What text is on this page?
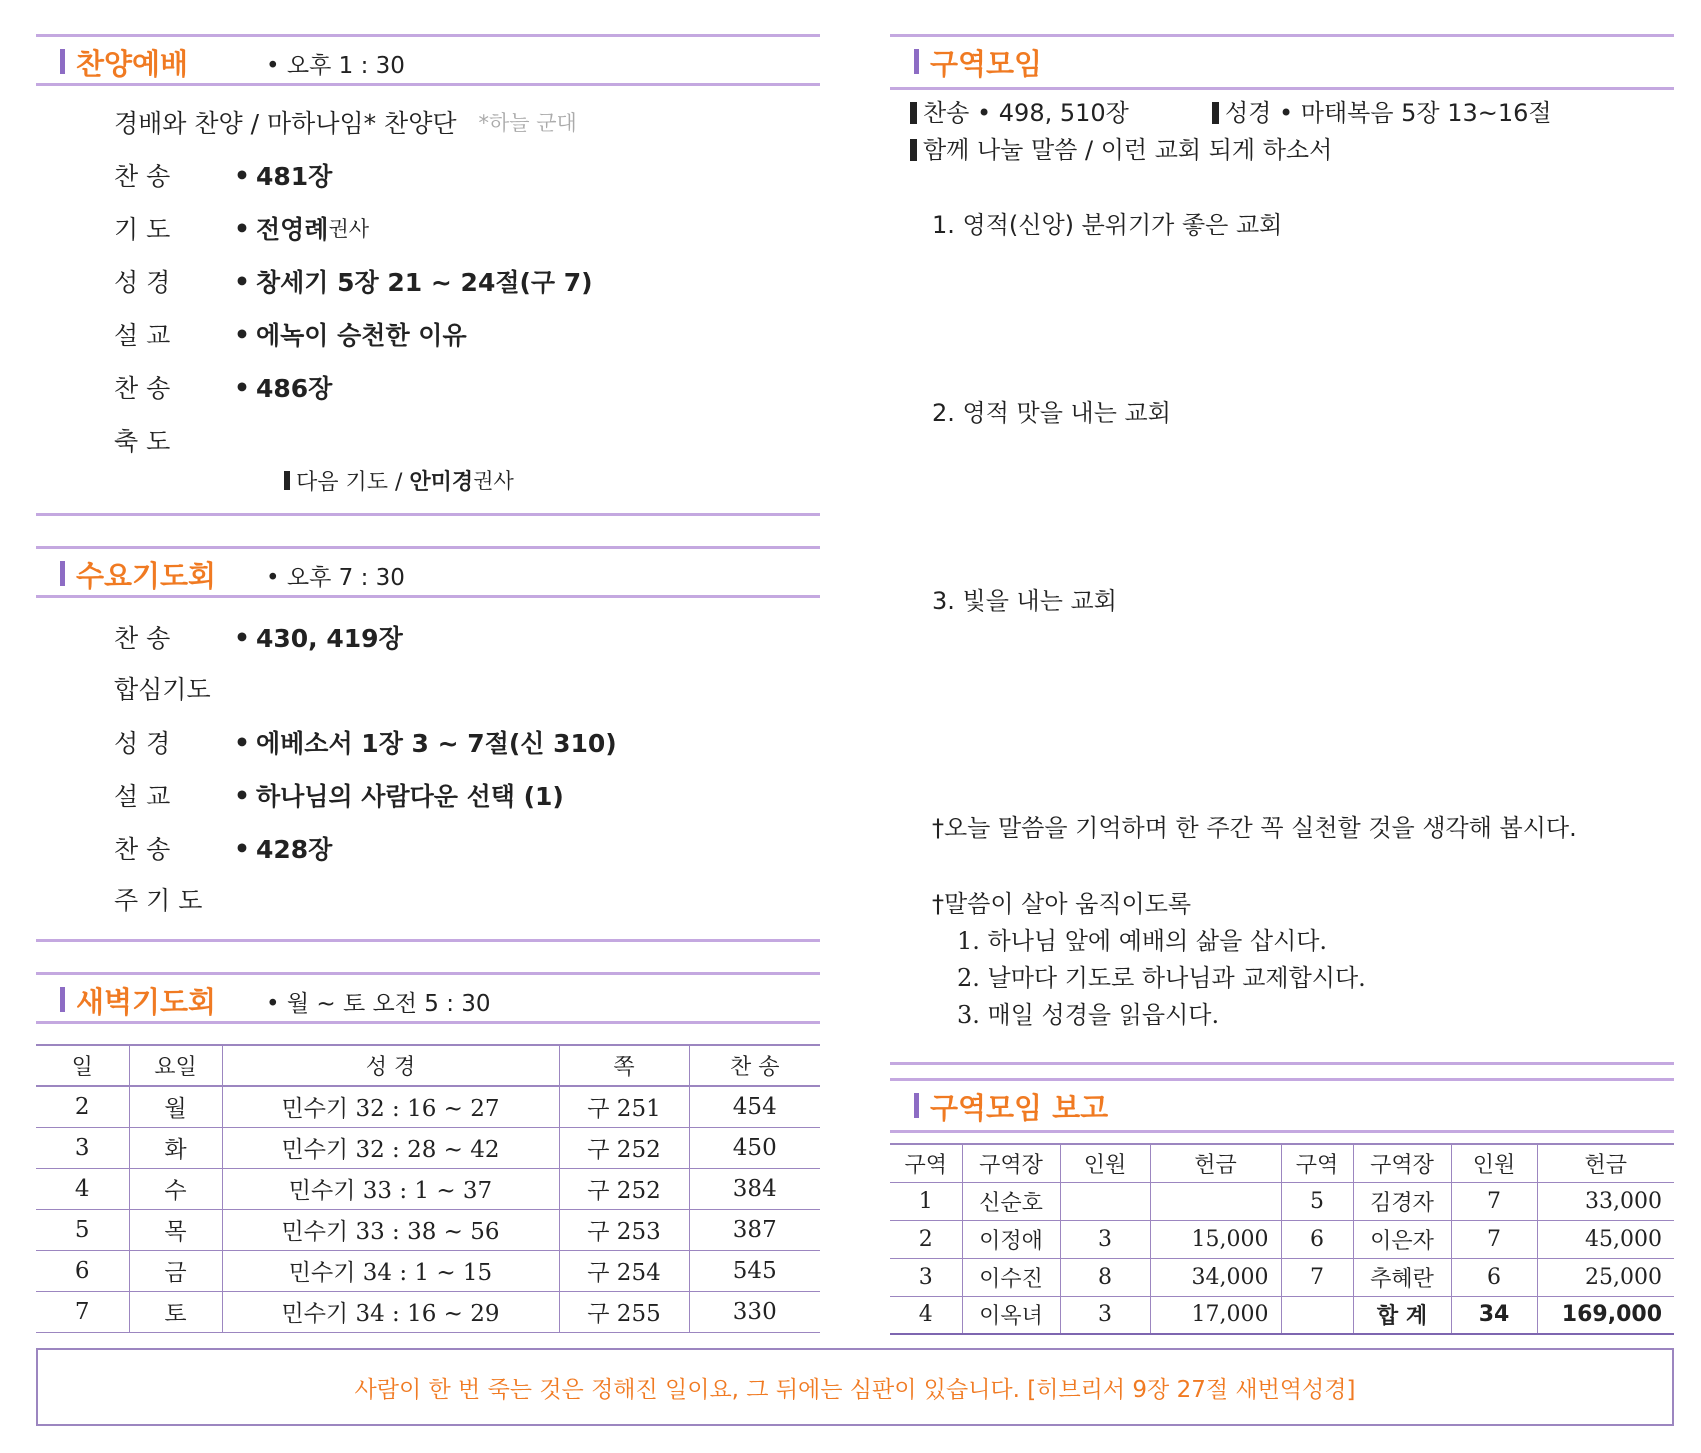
찬양예배	• 오후 1 : 30
경배와 찬양 / 마하나임* 찬양단 *하늘 군대
찬 송	• 481장
기 도	• 전영례 권사
성 경	• 창세기 5장 21 ~ 24절(구 7)
설 교	• 에녹이 승천한 이유
찬 송	• 486장
축 도
다음 기도 /
안미경 권사
수요기도회 • 오후 7 : 30
찬 송	• 430, 419장
합심기도
성 경	• 에베소서 1장 3 ~ 7절(신 310)
설 교	• 하나님의 사람다운 선택 (1)
찬 송	• 428장
주 기 도
새벽기도회 • 월 ~ 토 오전 5 : 30
일	요일	성 경	쪽	찬 송
2	월	민수기 32 : 16 ~ 27	구 251	454
3	화	민수기 32 : 28 ~ 42	구 252	450
4	수	민수기 33 : 1 ~ 37	구 252	384
5	목	민수기 33 : 38 ~ 56	구 253	387
6	금	민수기 34 : 1 ~ 15	구 254	545
7	토	민수기 34 : 16 ~ 29	구 255	330
구역모임
찬송 • 498, 510장	성경 • 마태복음 5장 13~16절
함께 나눌 말씀 / 이런 교회 되게 하소서
1. 영적(신앙) 분위기가 좋은 교회
2. 영적 맛을 내는 교회
3. 빛을 내는 교회
†오늘 말씀을 기억하며 한 주간 꼭 실천할 것을 생각해 봅시다.
†말씀이 살아 움직이도록
1. 하나님 앞에 예배의 삶을 삽시다.
2. 날마다 기도로 하나님과 교제합시다.
3. 매일 성경을 읽읍시다.
구역모임 보고
구역	구역장	인원	헌금	구역	구역장	인원	헌금
1	신순호			5	김경자	7	33,000
2	이정애	3	15,000	6	이은자	7	45,000
3	이수진	8	34,000	7	추혜란	6	25,000
4	이옥녀	3	17,000		합 계	34	169,000
사람이 한 번 죽는 것은 정해진 일이요, 그 뒤에는 심판이 있습니다. [히브리서 9장 27절 새번역성경]
